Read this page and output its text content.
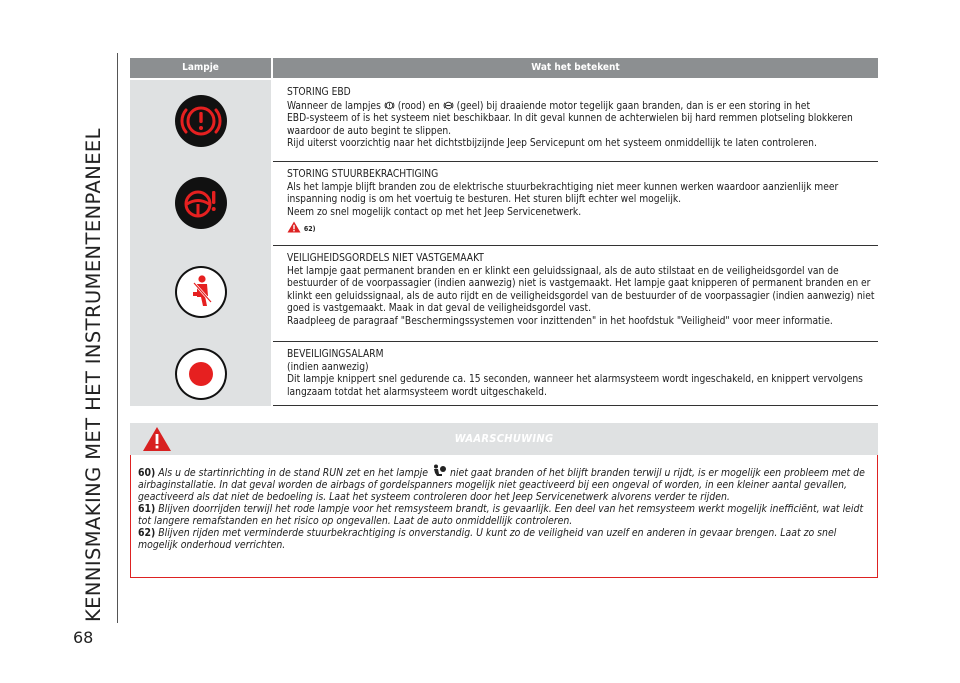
KENNISMAKING MET HET INSTRUMENTENPANEEL
68
Lampje	Wat het betekent

STORING EBD

Wanneer de lampjes (rood) en (geel) bij draaiende motor tegelijk gaan branden, dan is er een storing in het

EBD-systeem of is het systeem niet beschikbaar. In dit geval kunnen de achterwielen bij hard remmen plotseling blokkeren waardoor de auto begint te slippen.

Rijd uiterst voorzichtig naar het dichtstbijzijnde Jeep Servicepunt om het systeem onmiddellijk te laten controleren.

STORING STUURBEKRACHTIGING

Als het lampje blijft branden zou de elektrische stuurbekrachtiging niet meer kunnen werken waardoor aanzienlijk meer inspanning nodig is om het voertuig te besturen. Het sturen blijft echter wel mogelijk.

Neem zo snel mogelijk contact op met het Jeep Servicenetwerk.

62)

VEILIGHEIDSGORDELS NIET VASTGEMAAKT

Het lampje gaat permanent branden en er klinkt een geluidssignaal, als de auto stilstaat en de veiligheidsgordel van de bestuurder of de voorpassagier (indien aanwezig) niet is vastgemaakt. Het lampje gaat knipperen of permanent branden en er klinkt een geluidssignaal, als de auto rijdt en de veiligheidsgordel van de bestuurder of de voorpassagier (indien aanwezig) niet goed is vastgemaakt. Maak in dat geval de veiligheidsgordel vast.

Raadpleeg de paragraaf "Beschermingssystemen voor inzittenden" in het hoofdstuk "Veiligheid" voor meer informatie.

BEVEILIGINGSALARM

(indien aanwezig)

Dit lampje knippert snel gedurende ca. 15 seconden, wanneer het alarmsysteem wordt ingeschakeld, en knippert vervolgens langzaam totdat het alarmsysteem wordt uitgeschakeld.

WAARSCHUWING

60) Als u de startinrichting in de stand RUN zet en het lampje niet gaat branden of het blijft branden terwijl u rijdt, is er mogelijk een probleem met de airbaginstallatie. In dat geval worden de airbags of gordelspanners mogelijk niet geactiveerd bij een ongeval of worden, in een kleiner aantal gevallen, geactiveerd als dat niet de bedoeling is. Laat het systeem controleren door het Jeep Servicenetwerk alvorens verder te rijden.

61) Blijven doorrijden terwijl het rode lampje voor het remsysteem brandt, is gevaarlijk. Een deel van het remsysteem werkt mogelijk inefficiënt, wat leidt tot langere remafstanden en het risico op ongevallen. Laat de auto onmiddellijk controleren.

62) Blijven rijden met verminderde stuurbekrachtiging is onverstandig. U kunt zo de veiligheid van uzelf en anderen in gevaar brengen. Laat zo snel mogelijk onderhoud verrichten.
